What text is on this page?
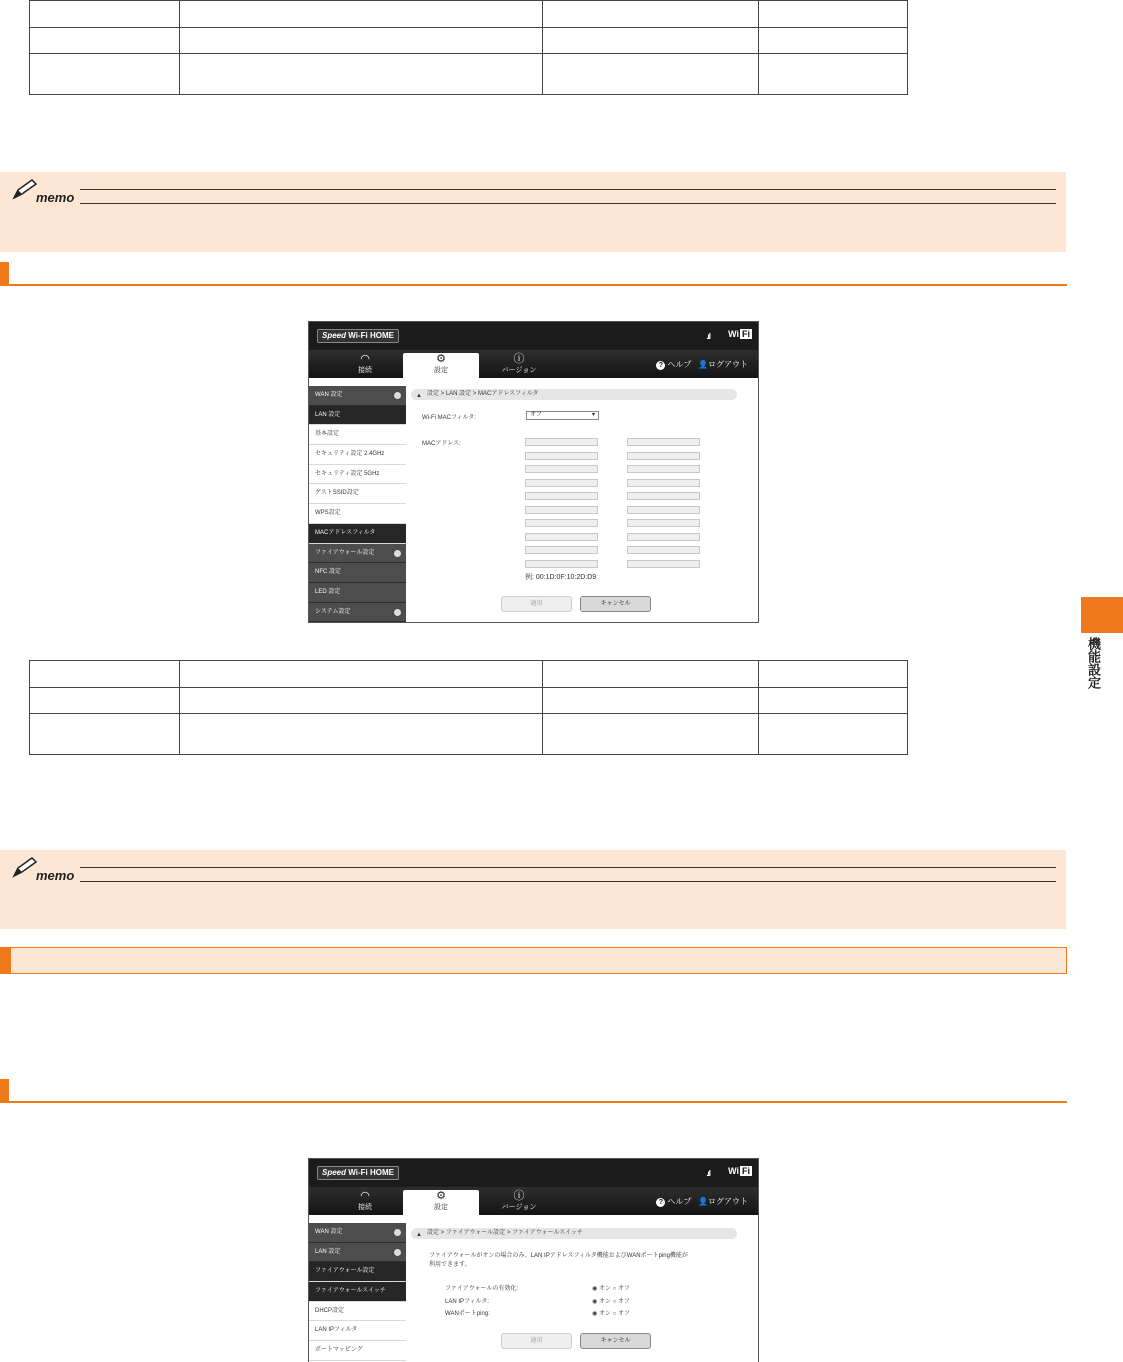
memo
Speed Wi-Fi HOME	.ıl Wi Fi
◠
接続
⚙
設定
ⓘ
バージョン
? ヘルプ 👤ログアウト
WAN 設定
LAN 設定
基本設定
セキュリティ設定 2.4GHz
セキュリティ設定 5GHz
ゲストSSID設定
WPS設定
MACアドレスフィルタ
ファイアウォール設定
NFC 設定
LED 設定
システム設定
▲ 設定 > LAN 設定 > MACアドレスフィルタ
Wi-Fi MACフィルタ:	オフ	▾
MACアドレス:
例: 00:1D:0F:10:2D:D9
適用	キャンセル

機能設定
memo
Speed Wi-Fi HOME	.ıl Wi Fi
◠
接続
⚙
設定
ⓘ
バージョン
? ヘルプ 👤ログアウト
WAN 設定
LAN 設定
ファイアウォール設定
ファイアウォールスイッチ
DHCP設定
LAN IPフィルタ
ポートマッピング
▲ 設定 > ファイアウォール設定 > ファイアウォールスイッチ
ファイアウォールがオンの場合のみ、LAN IPアドレスフィルタ機能およびWANポートping機能が
利用できます。
ファイアウォールの有効化:	◉ オン ○ オフ
LAN IPフィルタ:	◉ オン ○ オフ
WANポートping:	◉ オン ○ オフ
適用	キャンセル
